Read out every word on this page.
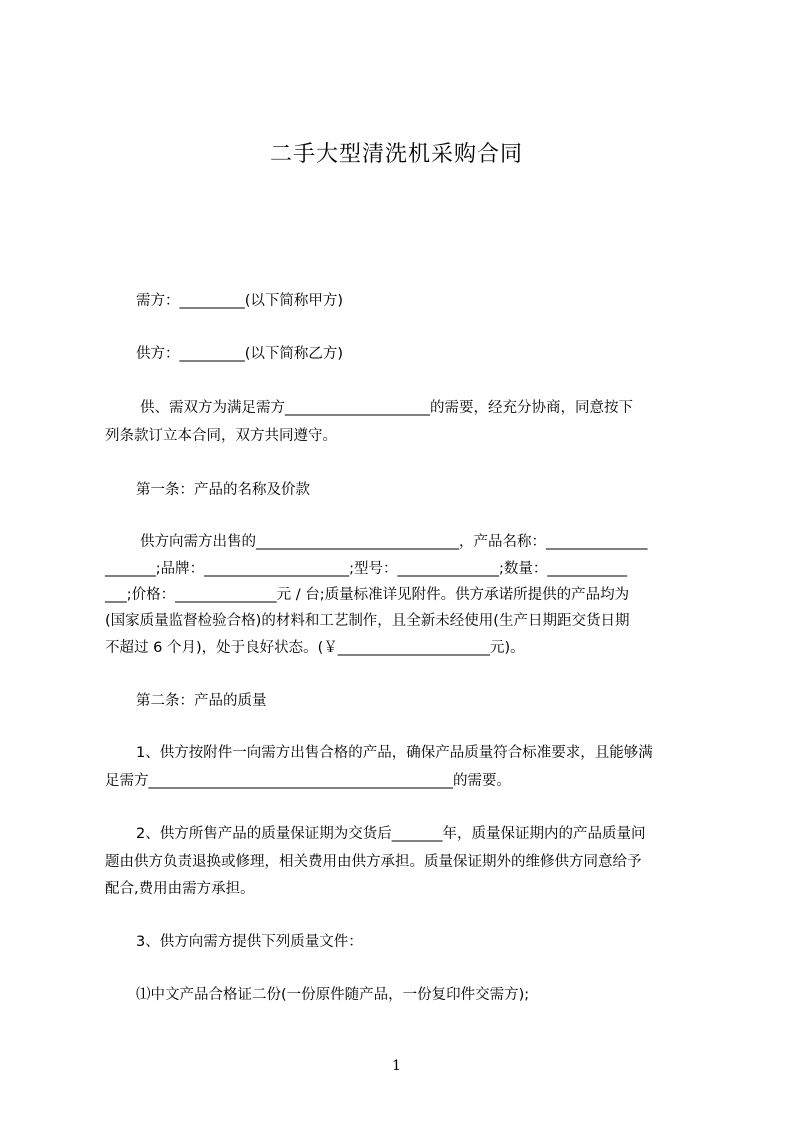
二手大型清洗机采购合同
需方：_________(以下简称甲方)
供方：_________(以下简称乙方)
供、需双方为满足需方____________________的需要，经充分协商，同意按下
列条款订立本合同，双方共同遵守。
第一条：产品的名称及价款
供方向需方出售的____________________________，产品名称：______________
_______;品牌：____________________;型号：______________;数量：___________
___;价格：______________元 / 台;质量标准详见附件。供方承诺所提供的产品均为
(国家质量监督检验合格)的材料和工艺制作，且全新未经使用(生产日期距交货日期
不超过 6 个月)，处于良好状态。(￥_____________________元)。
第二条：产品的质量
1、供方按附件一向需方出售合格的产品，确保产品质量符合标准要求，且能够满
足需方__________________________________________的需要。
2、供方所售产品的质量保证期为交货后_______年，质量保证期内的产品质量问
题由供方负责退换或修理，相关费用由供方承担。质量保证期外的维修供方同意给予
配合,费用由需方承担。
3、供方向需方提供下列质量文件：
⑴中文产品合格证二份(一份原件随产品，一份复印件交需方);
1
